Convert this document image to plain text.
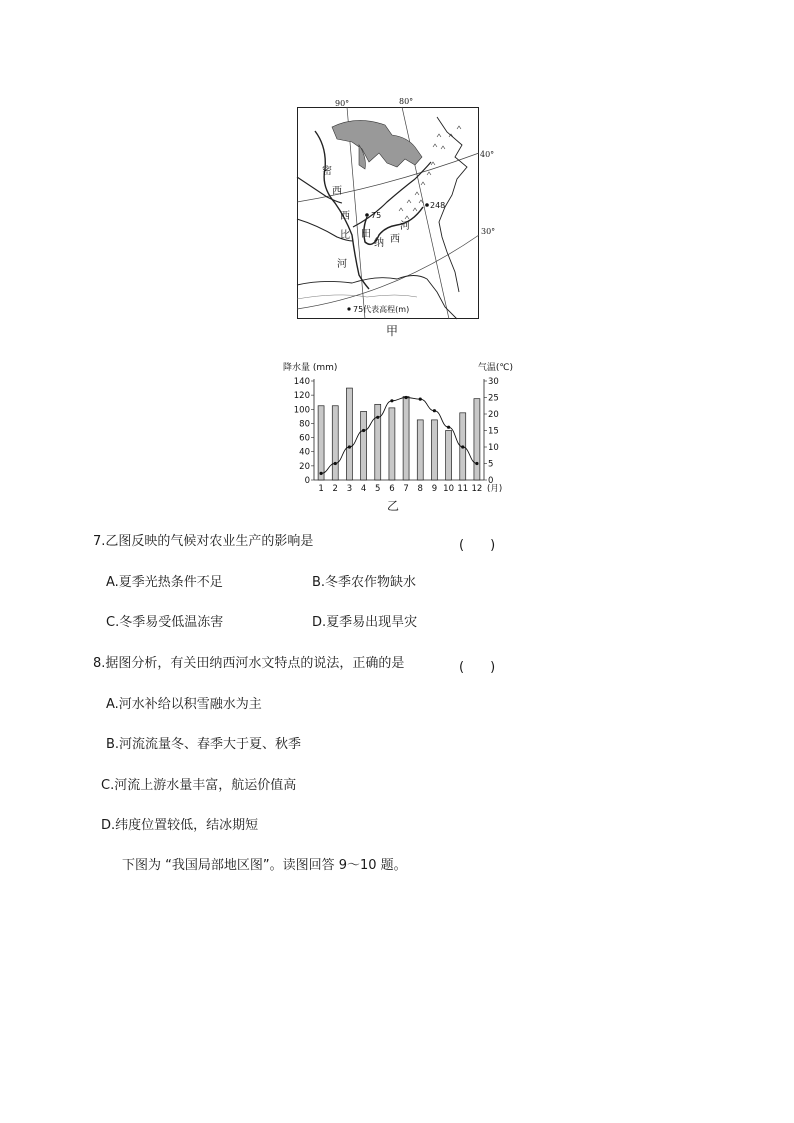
90°
40°
密
西
西
比
河
田
纳 西
河
75
248
75代表高程(m)
80°
30°
甲
降水量 (mm)	气温(℃)
140
120
100
80
60
40
20
0
30
25
20
15
10
5
0
1 2 3 4 5 6 7 8 9 10 11 12 (月)
乙
7.乙图反映的气候对农业生产的影响是	(　　)
A.夏季光热条件不足	B.冬季农作物缺水
C.冬季易受低温冻害	D.夏季易出现旱灾
8.据图分析，有关田纳西河水文特点的说法，正确的是	(　　)
A.河水补给以积雪融水为主
B.河流流量冬、春季大于夏、秋季
C.河流上游水量丰富，航运价值高
D.纬度位置较低，结冰期短
下图为 “我国局部地区图”。读图回答 9～10 题。
